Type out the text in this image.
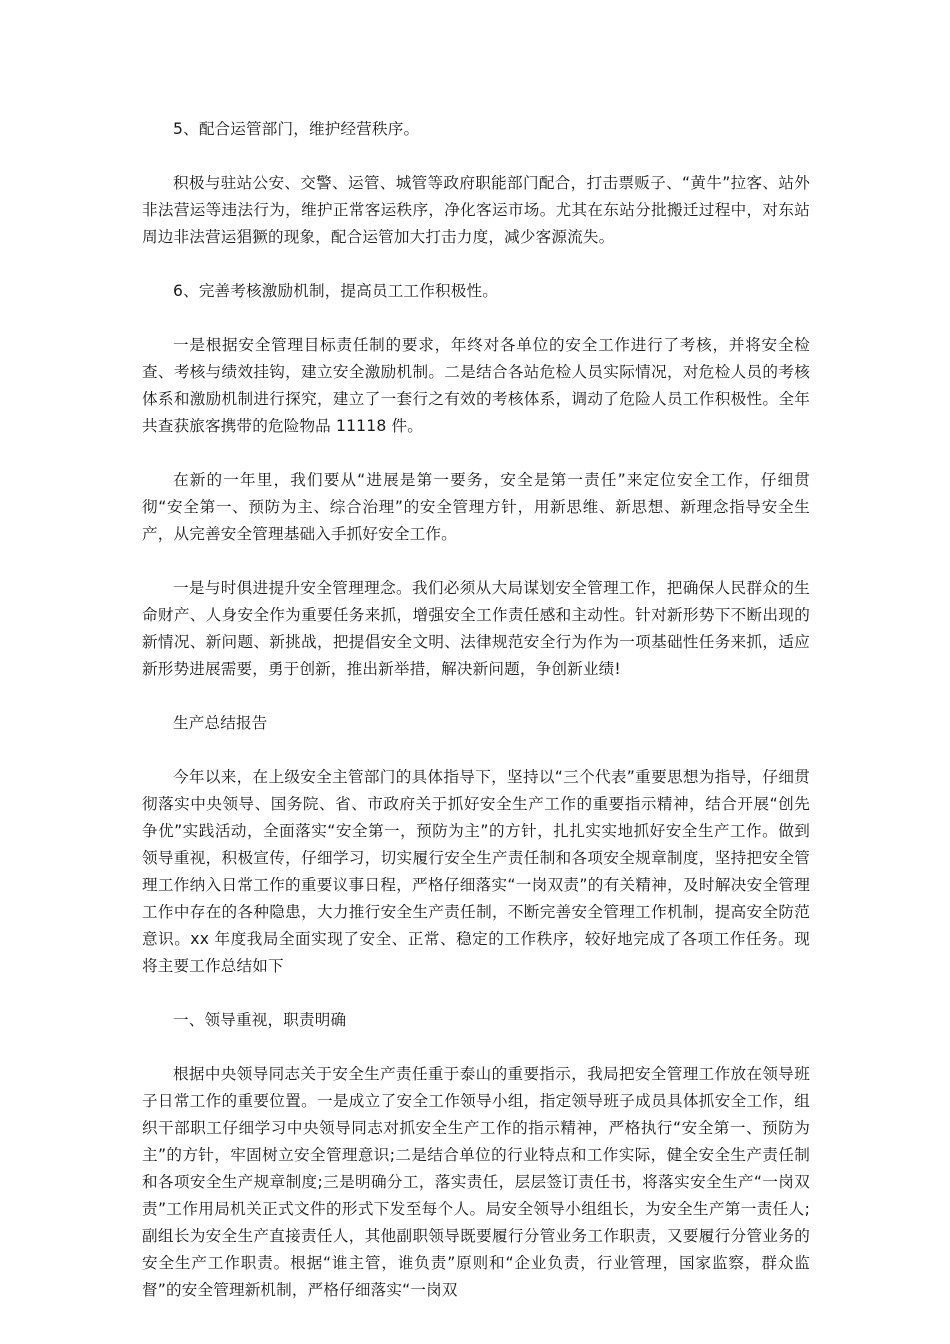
5、配合运管部门，维护经营秩序。

积极与驻站公安、交警、运管、城管等政府职能部门配合，打击票贩子、“黄牛”拉客、站外非法营运等违法行为，维护正常客运秩序，净化客运市场。尤其在东站分批搬迁过程中，对东站周边非法营运猖獗的现象，配合运管加大打击力度，减少客源流失。

6、完善考核激励机制，提高员工工作积极性。

一是根据安全管理目标责任制的要求，年终对各单位的安全工作进行了考核，并将安全检查、考核与绩效挂钩，建立安全激励机制。二是结合各站危检人员实际情况，对危检人员的考核体系和激励机制进行探究，建立了一套行之有效的考核体系，调动了危险人员工作积极性。全年共查获旅客携带的危险物品 11118 件。

在新的一年里，我们要从“进展是第一要务，安全是第一责任”来定位安全工作，仔细贯彻“安全第一、预防为主、综合治理”的安全管理方针，用新思维、新思想、新理念指导安全生产，从完善安全管理基础入手抓好安全工作。

一是与时俱进提升安全管理理念。我们必须从大局谋划安全管理工作，把确保人民群众的生命财产、人身安全作为重要任务来抓，增强安全工作责任感和主动性。针对新形势下不断出现的新情况、新问题、新挑战，把提倡安全文明、法律规范安全行为作为一项基础性任务来抓，适应新形势进展需要，勇于创新，推出新举措，解决新问题，争创新业绩!

生产总结报告

今年以来，在上级安全主管部门的具体指导下，坚持以“三个代表”重要思想为指导，仔细贯彻落实中央领导、国务院、省、市政府关于抓好安全生产工作的重要指示精神，结合开展“创先争优”实践活动，全面落实“安全第一，预防为主”的方针，扎扎实实地抓好安全生产工作。做到领导重视，积极宣传，仔细学习，切实履行安全生产责任制和各项安全规章制度，坚持把安全管理工作纳入日常工作的重要议事日程，严格仔细落实“一岗双责”的有关精神，及时解决安全管理工作中存在的各种隐患，大力推行安全生产责任制，不断完善安全管理工作机制，提高安全防范意识。xx 年度我局全面实现了安全、正常、稳定的工作秩序，较好地完成了各项工作任务。现将主要工作总结如下

一、领导重视，职责明确

根据中央领导同志关于安全生产责任重于泰山的重要指示，我局把安全管理工作放在领导班子日常工作的重要位置。一是成立了安全工作领导小组，指定领导班子成员具体抓安全工作，组织干部职工仔细学习中央领导同志对抓安全生产工作的指示精神，严格执行“安全第一、预防为主”的方针，牢固树立安全管理意识;二是结合单位的行业特点和工作实际，健全安全生产责任制和各项安全生产规章制度;三是明确分工，落实责任，层层签订责任书，将落实安全生产“一岗双责”工作用局机关正式文件的形式下发至每个人。局安全领导小组组长，为安全生产第一责任人;副组长为安全生产直接责任人，其他副职领导既要履行分管业务工作职责，又要履行分管业务的安全生产工作职责。根据“谁主管，谁负责”原则和“企业负责，行业管理，国家监察，群众监督”的安全管理新机制，严格仔细落实“一岗双
